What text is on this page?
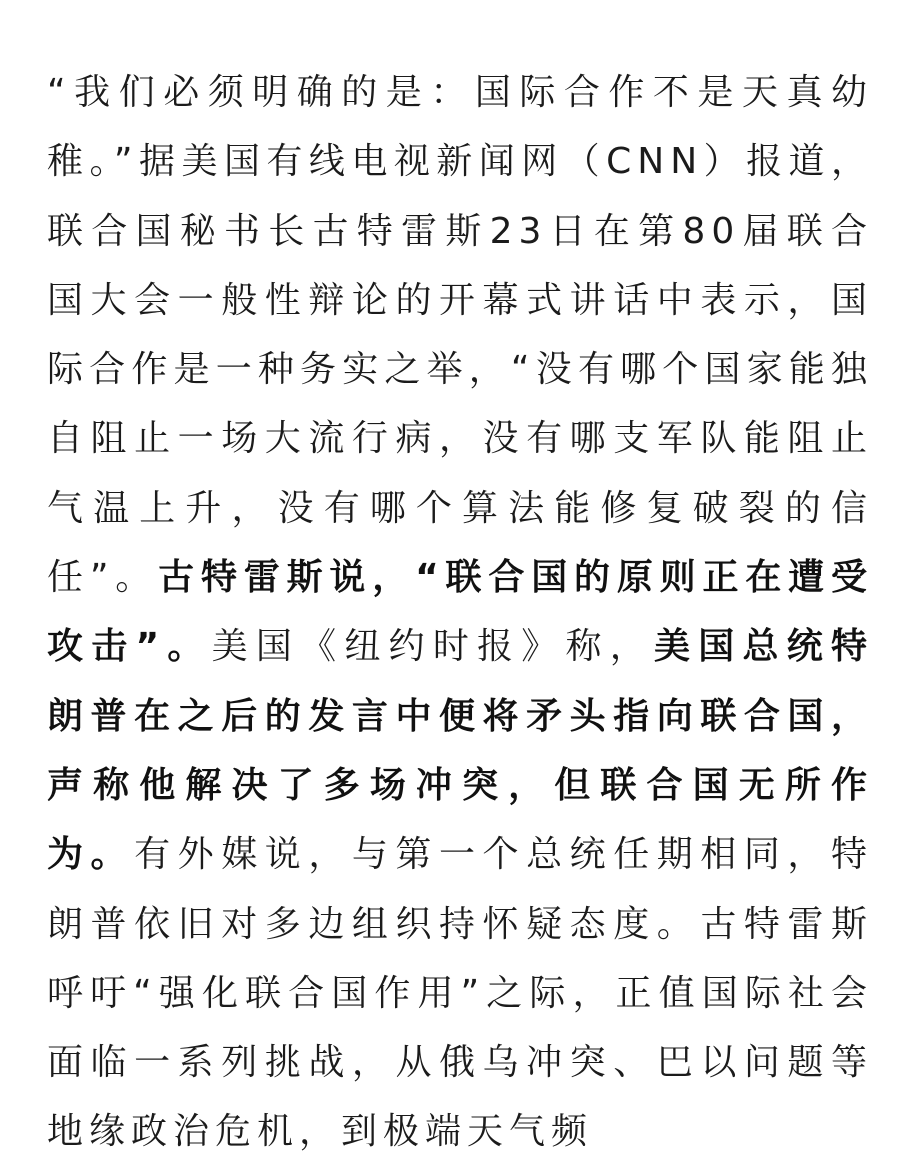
“我们必须明确的是：国际合作不是天真幼稚。”据美国有线电视新闻网（CNN）报道，联合国秘书长古特雷斯23日在第80届联合国大会一般性辩论的开幕式讲话中表示，国际合作是一种务实之举，“没有哪个国家能独自阻止一场大流行病，没有哪支军队能阻止气温上升，没有哪个算法能修复破裂的信任”。古特雷斯说，“联合国的原则正在遭受攻击”。美国《纽约时报》称，美国总统特朗普在之后的发言中便将矛头指向联合国，声称他解决了多场冲突，但联合国无所作为。有外媒说，与第一个总统任期相同，特朗普依旧对多边组织持怀疑态度。古特雷斯呼吁“强化联合国作用”之际，正值国际社会面临一系列挑战，从俄乌冲突、巴以问题等地缘政治危机，到极端天气频
